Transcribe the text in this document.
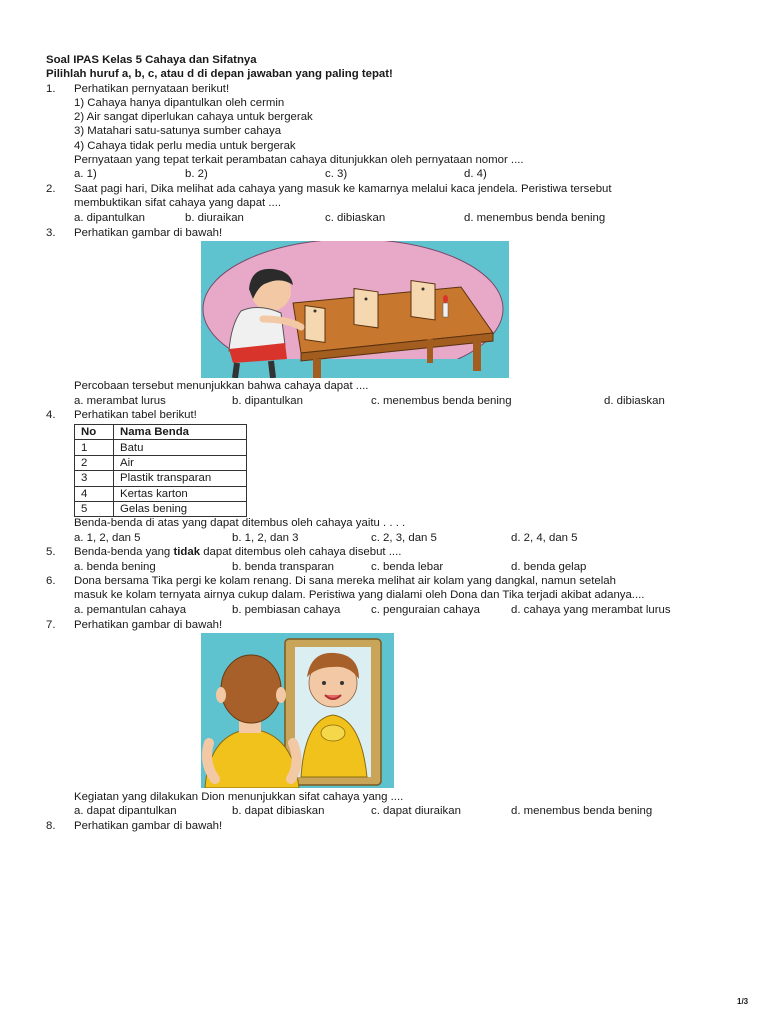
Soal IPAS Kelas 5 Cahaya dan Sifatnya
Pilihlah huruf a, b, c, atau d di depan jawaban yang paling tepat!
1. Perhatikan pernyataan berikut!
1) Cahaya hanya dipantulkan oleh cermin
2) Air sangat diperlukan cahaya untuk bergerak
3) Matahari satu-satunya sumber cahaya
4) Cahaya tidak perlu media untuk bergerak
Pernyataan yang tepat terkait perambatan cahaya ditunjukkan oleh pernyataan nomor ....
a. 1)	b. 2)	c. 3)	d. 4)
2. Saat pagi hari, Dika melihat ada cahaya yang masuk ke kamarnya melalui kaca jendela. Peristiwa tersebut
membuktikan sifat cahaya yang dapat ....
a. dipantulkan	b. diuraikan	c. dibiaskan	d. menembus benda bening
3. Perhatikan gambar di bawah!
Percobaan tersebut menunjukkan bahwa cahaya dapat ....
a. merambat lurus	b. dipantulkan	c. menembus benda bening	d. dibiaskan
4. Perhatikan tabel berikut!
No	Nama Benda
1	Batu
2	Air
3	Plastik transparan
4	Kertas karton
5	Gelas bening
Benda-benda di atas yang dapat ditembus oleh cahaya yaitu . . . .
a. 1, 2, dan 5	b. 1, 2, dan 3	c. 2, 3, dan 5	d. 2, 4, dan 5
5. Benda-benda yang tidak dapat ditembus oleh cahaya disebut ....
a. benda bening	b. benda transparan	c. benda lebar	d. benda gelap
6. Dona bersama Tika pergi ke kolam renang. Di sana mereka melihat air kolam yang dangkal, namun setelah
masuk ke kolam ternyata airnya cukup dalam. Peristiwa yang dialami oleh Dona dan Tika terjadi akibat adanya....
a. pemantulan cahaya	b. pembiasan cahaya	c. penguraian cahaya	d. cahaya yang merambat lurus
7. Perhatikan gambar di bawah!
Kegiatan yang dilakukan Dion menunjukkan sifat cahaya yang ....
a. dapat dipantulkan	b. dapat dibiaskan	c. dapat diuraikan	d. menembus benda bening
8. Perhatikan gambar di bawah!
1/3
